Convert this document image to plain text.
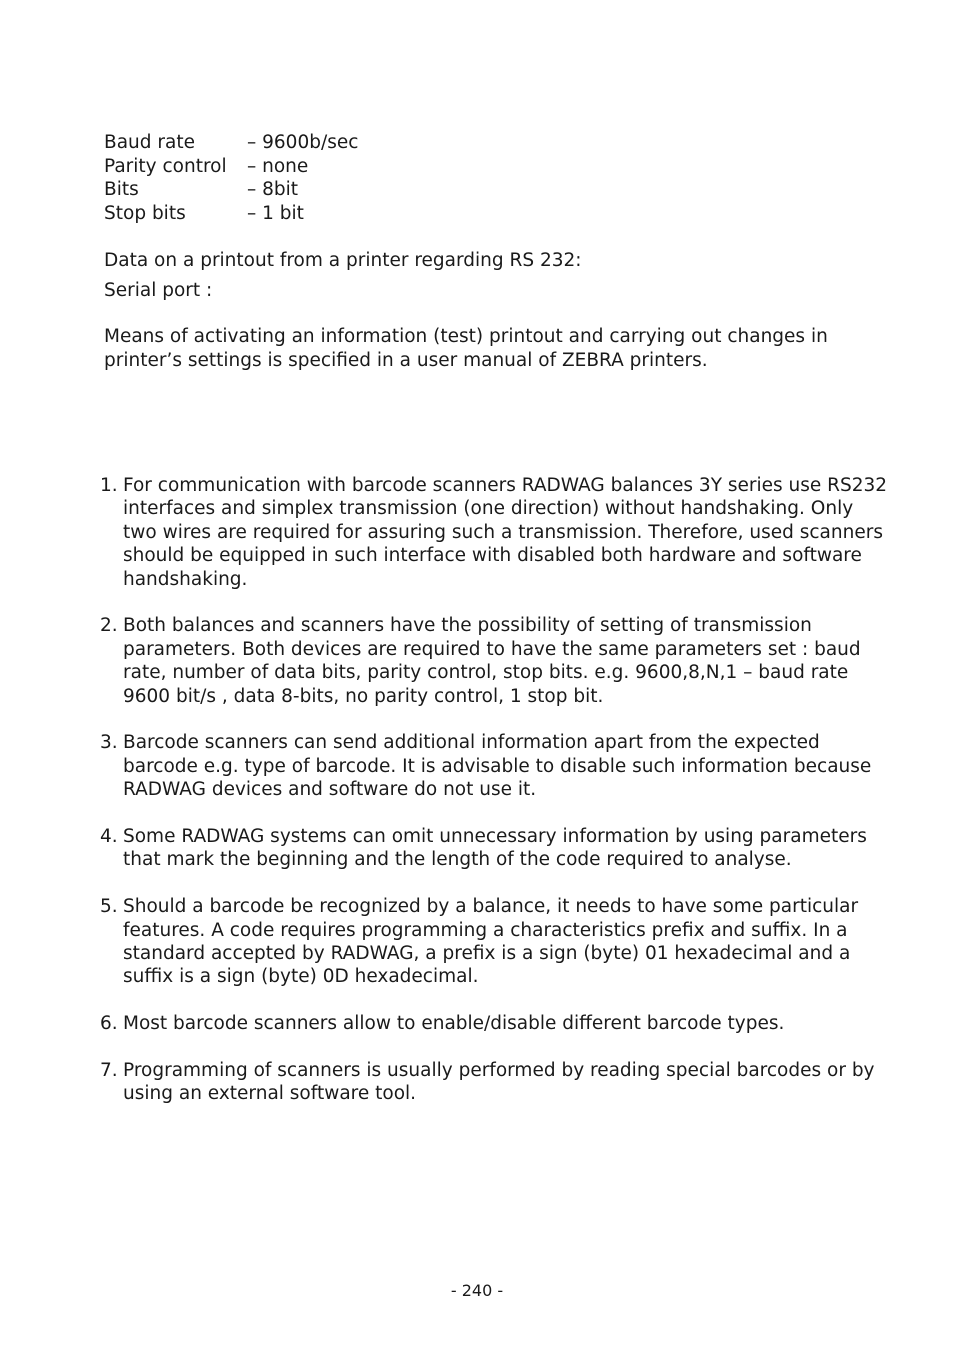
Baud rate	– 9600b/sec
Parity control – none
Bits	– 8bit
Stop bits	– 1 bit
Data on a printout from a printer regarding RS 232:
Serial port :
Means of activating an information (test) printout and carrying out changes in printer’s settings is specified in a user manual of ZEBRA printers.
1. For communication with barcode scanners RADWAG balances 3Y series use RS232 interfaces and simplex transmission (one direction) without handshaking. Only two wires are required for assuring such a transmission. Therefore, used scanners should be equipped in such interface with disabled both hardware and software handshaking.
2. Both balances and scanners have the possibility of setting of transmission parameters. Both devices are required to have the same parameters set : baud rate, number of data bits, parity control, stop bits. e.g. 9600,8,N,1 – baud rate 9600 bit/s , data 8-bits, no parity control, 1 stop bit.
3. Barcode scanners can send additional information apart from the expected barcode e.g. type of barcode. It is advisable to disable such information because RADWAG devices and software do not use it.
4. Some RADWAG systems can omit unnecessary information by using parameters that mark the beginning and the length of the code required to analyse.
5. Should a barcode be recognized by a balance, it needs to have some particular features. A code requires programming a characteristics prefix and suffix. In a standard accepted by RADWAG, a prefix is a sign (byte) 01 hexadecimal and a suffix is a sign (byte) 0D hexadecimal.
6. Most barcode scanners allow to enable/disable different barcode types.
7. Programming of scanners is usually performed by reading special barcodes or by using an external software tool.
- 240 -
